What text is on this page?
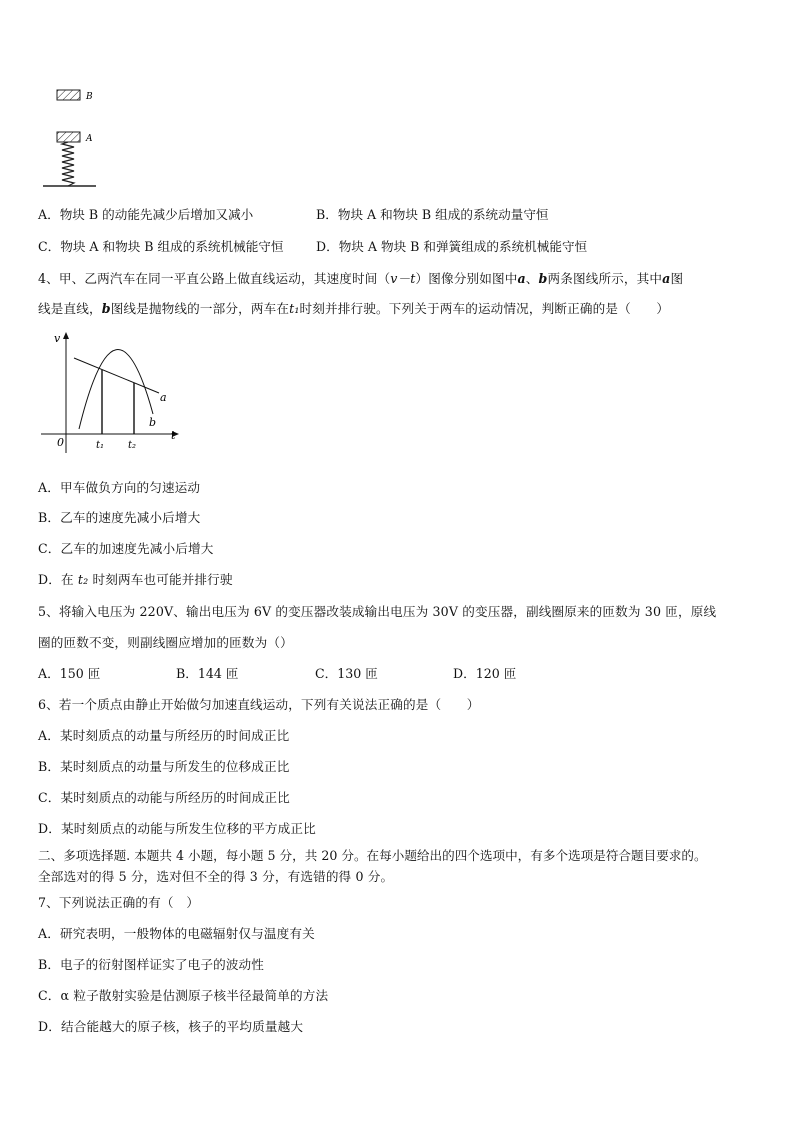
B
A
A．物块 B 的动能先减少后增加又减小	B．物块 A 和物块 B 组成的系统动量守恒
C．物块 A 和物块 B 组成的系统机械能守恒	D．物块 A 物块 B 和弹簧组成的系统机械能守恒
4、甲、乙两汽车在同一平直公路上做直线运动，其速度时间（v－t）图像分别如图中a、b两条图线所示，其中a图
线是直线，b图线是抛物线的一部分，两车在t₁时刻并排行驶。下列关于两车的运动情况，判断正确的是（　　）
v
t
0
a
b
t₁ t₂
A．甲车做负方向的匀速运动
B．乙车的速度先减小后增大
C．乙车的加速度先减小后增大
D．在 t₂ 时刻两车也可能并排行驶
5、将输入电压为 220V、输出电压为 6V 的变压器改装成输出电压为 30V 的变压器，副线圈原来的匝数为 30 匝，原线
圈的匝数不变，则副线圈应增加的匝数为（）
A．150 匝	B．144 匝	C．130 匝	D．120 匝
6、若一个质点由静止开始做匀加速直线运动，下列有关说法正确的是（　　）
A．某时刻质点的动量与所经历的时间成正比
B．某时刻质点的动量与所发生的位移成正比
C．某时刻质点的动能与所经历的时间成正比
D．某时刻质点的动能与所发生位移的平方成正比
二、多项选择题. 本题共 4 小题，每小题 5 分，共 20 分。在每小题给出的四个选项中，有多个选项是符合题目要求的。
全部选对的得 5 分，选对但不全的得 3 分，有选错的得 0 分。
7、下列说法正确的有（　）
A．研究表明，一般物体的电磁辐射仅与温度有关
B．电子的衍射图样证实了电子的波动性
C．α 粒子散射实验是估测原子核半径最简单的方法
D．结合能越大的原子核，核子的平均质量越大
